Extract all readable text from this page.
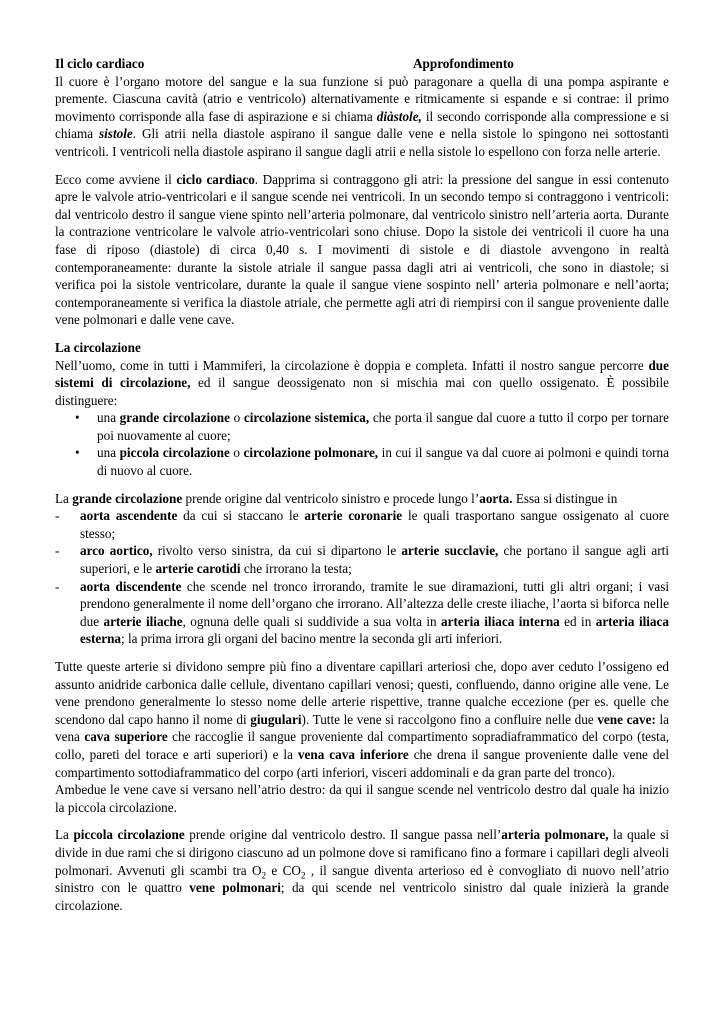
Il ciclo cardiaco	Approfondimento

Il cuore è l’organo motore del sangue e la sua funzione si può paragonare a quella di una pompa aspirante e premente. Ciascuna cavità (atrio e ventricolo) alternativamente e ritmicamente si espande e si contrae: il primo movimento corrisponde alla fase di aspirazione e si chiama diàstole, il secondo corrisponde alla compressione e si chiama sistole. Gli atrii nella diastole aspirano il sangue dalle vene e nella sistole lo spingono nei sottostanti ventricoli. I ventricoli nella diastole aspirano il sangue dagli atrii e nella sistole lo espellono con forza nelle arterie.

Ecco come avviene il ciclo cardiaco. Dapprima si contraggono gli atri: la pressione del sangue in essi contenuto apre le valvole atrio-ventricolari e il sangue scende nei ventricoli. In un secondo tempo si contraggono i ventricoli: dal ventricolo destro il sangue viene spinto nell’arteria polmonare, dal ventricolo sinistro nell’arteria aorta. Durante la contrazione ventricolare le valvole atrio-ventricolari sono chiuse. Dopo la sistole dei ventricoli il cuore ha una fase di riposo (diastole) di circa 0,40 s. I movimenti di sistole e di diastole avvengono in realtà contemporaneamente: durante la sistole atriale il sangue passa dagli atri ai ventricoli, che sono in diastole; si verifica poi la sistole ventricolare, durante la quale il sangue viene sospinto nell’ arteria polmonare e nell’aorta; contemporaneamente si verifica la diastole atriale, che permette agli atri di riempirsi con il sangue proveniente dalle vene polmonari e dalle vene cave.

La circolazione

Nell’uomo, come in tutti i Mammiferi, la circolazione è doppia e completa. Infatti il nostro sangue percorre due sistemi di circolazione, ed il sangue deossigenato non si mischia mai con quello ossigenato. È possibile distinguere:

• una grande circolazione o circolazione sistemica, che porta il sangue dal cuore a tutto il corpo per tornare poi nuovamente al cuore;
• una piccola circolazione o circolazione polmonare, in cui il sangue va dal cuore ai polmoni e quindi torna di nuovo al cuore.

La grande circolazione prende origine dal ventricolo sinistro e procede lungo l’aorta. Essa si distingue in

- aorta ascendente da cui si staccano le arterie coronarie le quali trasportano sangue ossigenato al cuore stesso;
- arco aortico, rivolto verso sinistra, da cui si dipartono le arterie succlavie, che portano il sangue agli arti superiori, e le arterie carotidi che irrorano la testa;
- aorta discendente che scende nel tronco irrorando, tramite le sue diramazioni, tutti gli altri organi; i vasi prendono generalmente il nome dell’organo che irrorano. All’altezza delle creste iliache, l’aorta si biforca nelle due arterie iliache, ognuna delle quali si suddivide a sua volta in arteria iliaca interna ed in arteria iliaca esterna; la prima irrora gli organi del bacino mentre la seconda gli arti inferiori.

Tutte queste arterie si dividono sempre più fino a diventare capillari arteriosi che, dopo aver ceduto l’ossigeno ed assunto anidride carbonica dalle cellule, diventano capillari venosi; questi, confluendo, danno origine alle vene. Le vene prendono generalmente lo stesso nome delle arterie rispettive, tranne qualche eccezione (per es. quelle che scendono dal capo hanno il nome di giugulari). Tutte le vene si raccolgono fino a confluire nelle due vene cave: la vena cava superiore che raccoglie il sangue proveniente dal compartimento sopradiaframmatico del corpo (testa, collo, pareti del torace e arti superiori) e la vena cava inferiore che drena il sangue proveniente dalle vene del compartimento sottodiaframmatico del corpo (arti inferiori, visceri addominali e da gran parte del tronco).

Ambedue le vene cave si versano nell’atrio destro: da qui il sangue scende nel ventricolo destro dal quale ha inizio la piccola circolazione.

La piccola circolazione prende origine dal ventricolo destro. Il sangue passa nell’arteria polmonare, la quale si divide in due rami che si dirigono ciascuno ad un polmone dove si ramificano fino a formare i capillari degli alveoli polmonari. Avvenuti gli scambi tra $O_2$ e $CO_2$ , il sangue diventa arterioso ed è convogliato di nuovo nell’atrio sinistro con le quattro vene polmonari; da qui scende nel ventricolo sinistro dal quale inizierà la grande circolazione.
